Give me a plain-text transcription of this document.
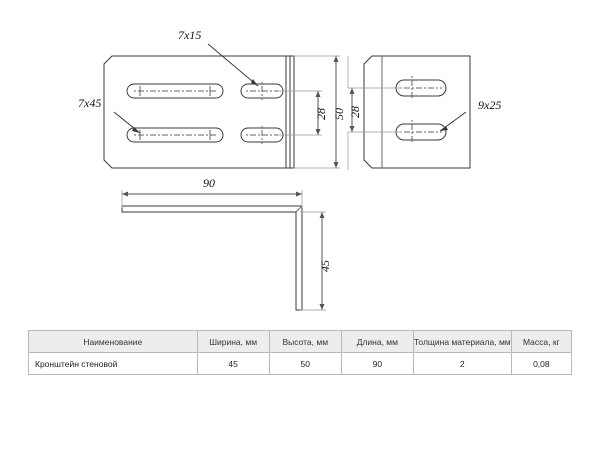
7x15
7x45	9x25
28 50 28
90
45
Наименование	Ширина, мм	Высота, мм	Длина, мм	Толщина материала, мм	Масса, кг
Кронштейн стеновой	45	50	90	2	0,08
